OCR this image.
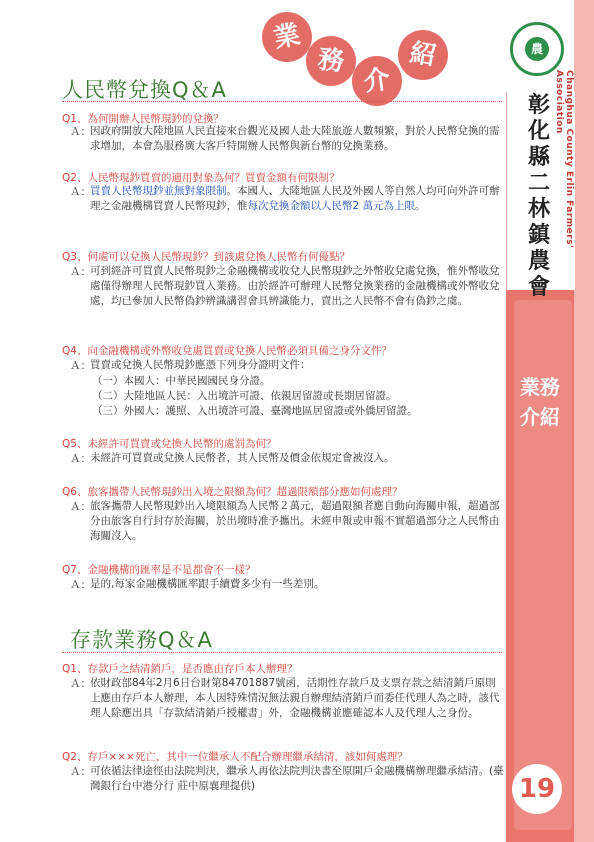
農
Changhua County Erlin Farmers' Association
彰化縣二林鎮農會
業務介紹
19
業
務
介
紹
人民幣兌換Q＆A
Q1、為何開辦人民幣現鈔的兌換？
Ａ： 因政府開放大陸地區人民直接來台觀光及國人赴大陸旅遊人數頻繁，對於人民幣兌換的需求增加，本會為服務廣大客戶特開辦人民幣與新台幣的兌換業務。
Q2、人民幣現鈔買賣的適用對象為何？買賣金額有何限制？
Ａ： 買賣人民幣現鈔並無對象限制。本國人、大陸地區人民及外國人等自然人均可向外許可辦理之金融機構買賣人民幣現鈔，惟每次兌換金額以人民幣2 萬元為上限。
Q3、何處可以兌換人民幣現鈔？到該處兌換人民幣有何優點？
Ａ： 可到經許可買賣人民幣現鈔之金融機構或收兌人民幣現鈔之外幣收兌處兌換，惟外幣收兌處僅得辦理人民幣現鈔買入業務。由於經許可辦理人民幣兌換業務的金融機構或外幣收兌處，均已參加人民幣偽鈔辨識講習會具辨識能力，賣出之人民幣不會有偽鈔之虞。
Q4、向金融機構或外幣收兌處買賣或兌換人民幣必須具備之身分文件？
Ａ： 買賣或兌換人民幣現鈔應憑下列身分證明文件：
（一）本國人：中華民國國民身分證。
（二）大陸地區人民：入出境許可證、依親居留證或長期居留證。
（三）外國人：護照、入出境許可證、臺灣地區居留證或外僑居留證。
Q5、未經許可買賣或兌換人民幣的處罰為何？
Ａ： 未經許可買賣或兌換人民幣者，其人民幣及價金依規定會被沒入。
Q6、旅客攜帶人民幣現鈔出入境之限額為何？超過限額部分應如何處理？
Ａ： 旅客攜帶人民幣現鈔出入境限額為人民幣２萬元，超過限額者應自動向海關申報，超過部分由旅客自行封存於海關，於出境時准予攜出。未經申報或申報不實超過部分之人民幣由海關沒入。
Q7、金融機構的匯率是不是都會不一樣？
Ａ： 是的,每家金融機構匯率跟手續費多少有一些差別。
存款業務Q＆A
Q1、存款戶之結清銷戶，是否應由存戶本人辦理？
Ａ： 依財政部84年2月6日台財第84701887號函，活期性存款戶及支票存款之結清銷戶原則上應由存戶本人辦理，本人因特殊情況無法親自辦理結清銷戶而委任代理人為之時，該代理人除應出具「存款結清銷戶授權書」外，金融機構並應確認本人及代理人之身份。
Q2、存戶×××死亡，其中一位繼承人不配合辦理繼承結清，該如何處理？
Ａ： 可依循法律途徑由法院判決，繼承人再依法院判決書至原開戶金融機構辦理繼承結清。(臺灣銀行台中港分行 莊中原襄理提供)
